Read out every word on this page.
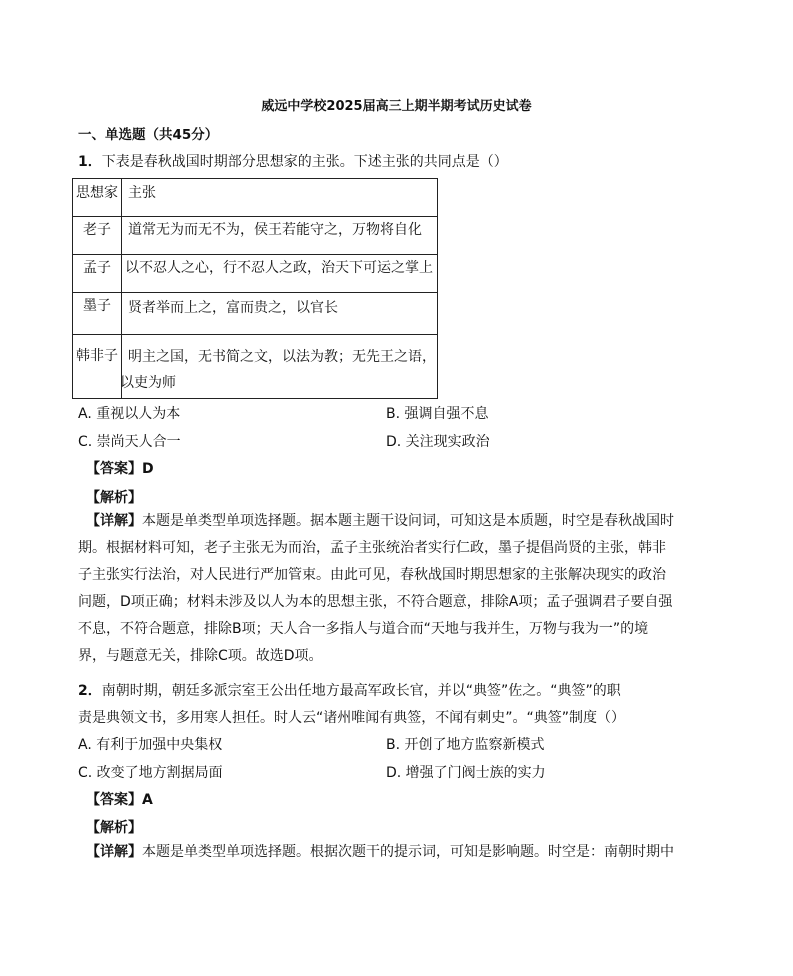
威远中学校2025届高三上期半期考试历史试卷
一、单选题（共45分）
1．下表是春秋战国时期部分思想家的主张。下述主张的共同点是（）
思想家	主张

老子	道常无为而无不为，侯王若能守之，万物将自化

孟子	以不忍人之心，行不忍人之政，治天下可运之掌上

墨子	贤者举而上之，富而贵之，以官长

韩非子	明主之国，无书简之文，以法为教；无先王之语，
以吏为师
A. 重视以人为本	B. 强调自强不息
C. 崇尚天人合一	D. 关注现实政治
【答案】D
【解析】
【详解】本题是单类型单项选择题。据本题主题干设问词，可知这是本质题，时空是春秋战国时
期。根据材料可知，老子主张无为而治，孟子主张统治者实行仁政，墨子提倡尚贤的主张，韩非
子主张实行法治，对人民进行严加管束。由此可见，春秋战国时期思想家的主张解决现实的政治
问题，D项正确；材料未涉及以人为本的思想主张，不符合题意，排除A项；孟子强调君子要自强
不息，不符合题意，排除B项；天人合一多指人与道合而“天地与我并生，万物与我为一”的境
界，与题意无关，排除C项。故选D项。
2．南朝时期，朝廷多派宗室王公出任地方最高军政长官，并以“典签”佐之。“典签”的职
责是典领文书，多用寒人担任。时人云“诸州唯闻有典签，不闻有刺史”。“典签”制度（）
A. 有利于加强中央集权	B. 开创了地方监察新模式
C. 改变了地方割据局面	D. 增强了门阀士族的实力
【答案】A
【解析】
【详解】本题是单类型单项选择题。根据次题干的提示词，可知是影响题。时空是：南朝时期中
